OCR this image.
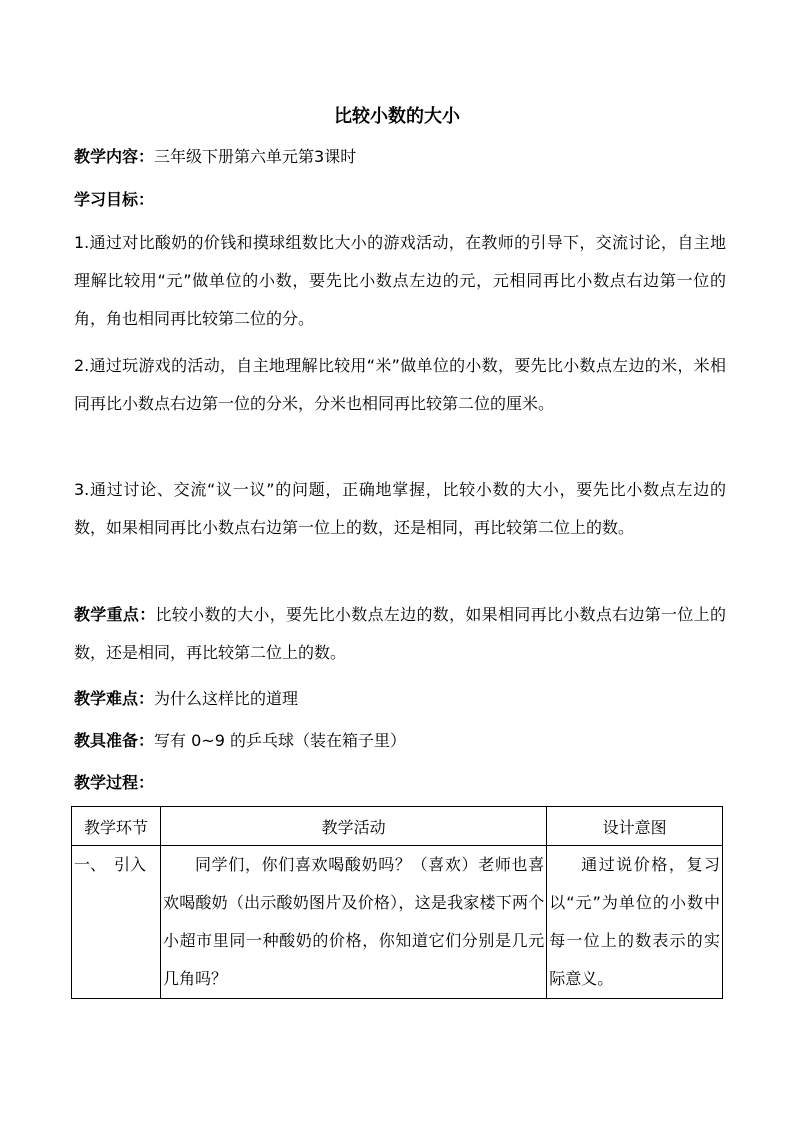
比较小数的大小
教学内容：三年级下册第六单元第3课时
学习目标：
1.通过对比酸奶的价钱和摸球组数比大小的游戏活动，在教师的引导下，交流讨论，自主地理解比较用“元”做单位的小数，要先比小数点左边的元，元相同再比小数点右边第一位的角，角也相同再比较第二位的分。
2.通过玩游戏的活动，自主地理解比较用“米”做单位的小数，要先比小数点左边的米，米相同再比小数点右边第一位的分米，分米也相同再比较第二位的厘米。
3.通过讨论、交流“议一议”的问题，正确地掌握，比较小数的大小，要先比小数点左边的数，如果相同再比小数点右边第一位上的数，还是相同，再比较第二位上的数。
教学重点：比较小数的大小，要先比小数点左边的数，如果相同再比小数点右边第一位上的数，还是相同，再比较第二位上的数。
教学难点：为什么这样比的道理
教具准备：写有 0~9 的乒乓球（装在箱子里）
教学过程：
教学环节	教学活动	设计意图

一、　引入	同学们，你们喜欢喝酸奶吗？（喜欢）老师也喜欢喝酸奶（出示酸奶图片及价格），这是我家楼下两个小超市里同一种酸奶的价格，你知道它们分别是几元几角吗？	通过说价格，复习以“元”为单位的小数中每一位上的数表示的实际意义。
